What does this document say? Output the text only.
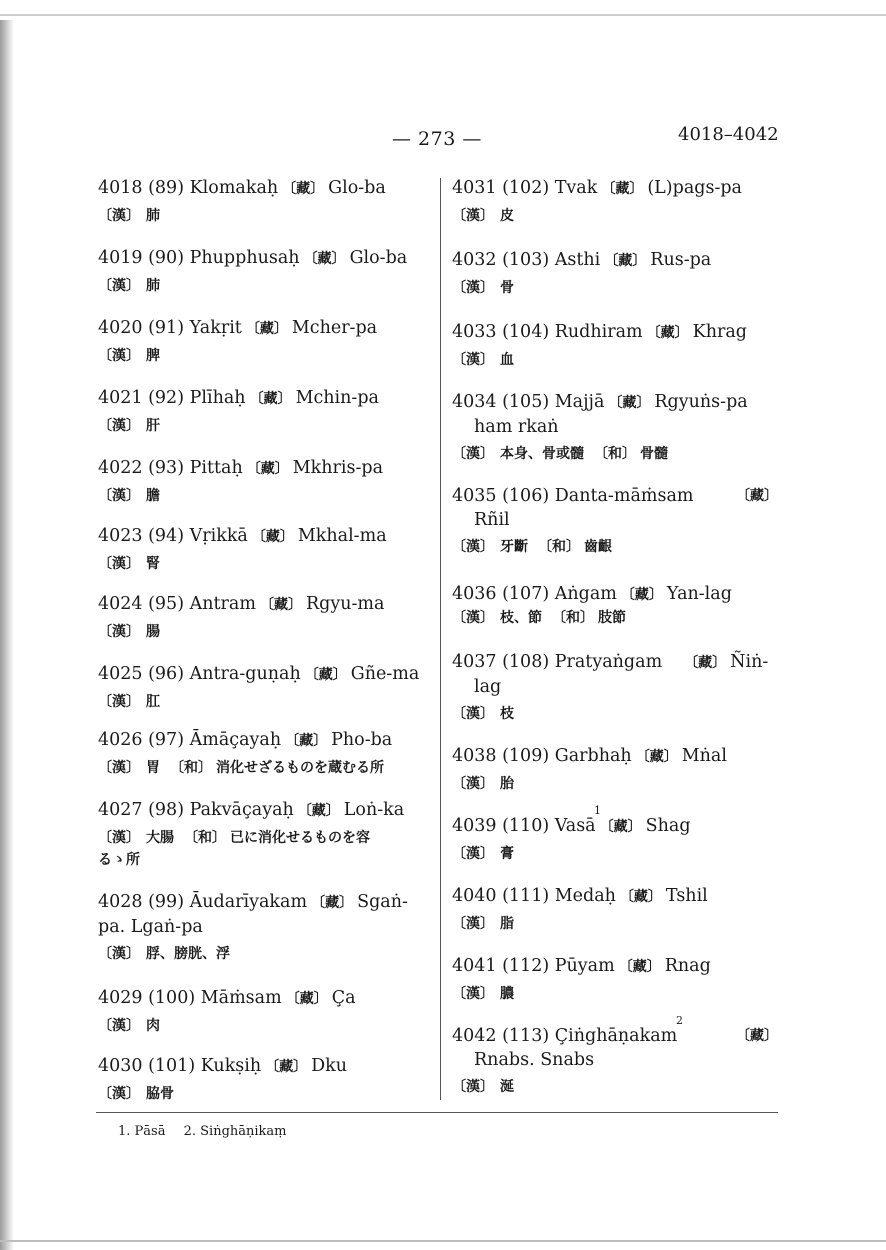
— 273 —	4018–4042
4018 (89) Klomakaḥ 〔藏〕 Glo-ba
〔漢〕 肺
4019 (90) Phupphusaḥ 〔藏〕 Glo-ba
〔漢〕 肺
4020 (91) Yakṛit 〔藏〕 Mcher-pa
〔漢〕 脾
4021 (92) Plīhaḥ 〔藏〕 Mchin-pa
〔漢〕 肝
4022 (93) Pittaḥ 〔藏〕 Mkhris-pa
〔漢〕 膽
4023 (94) Vṛikkā 〔藏〕 Mkhal-ma
〔漢〕 腎
4024 (95) Antram 〔藏〕 Rgyu-ma
〔漢〕 腸
4025 (96) Antra-guṇaḥ 〔藏〕 Gñe-ma
〔漢〕 肛
4026 (97) Āmāçayaḥ 〔藏〕 Pho-ba
〔漢〕 胃 〔和〕 消化せざるものを蔵むる所
4027 (98) Pakvāçayaḥ 〔藏〕 Loṅ-ka
〔漢〕 大腸 〔和〕 已に消化せるものを容
るゝ所
4028 (99) Āudarīyakam 〔藏〕 Sgaṅ-
pa. Lgaṅ-pa
〔漢〕 脬、膀胱、浮
4029 (100) Māṁsam 〔藏〕 Ça
〔漢〕 肉
4030 (101) Kukṣiḥ 〔藏〕 Dku
〔漢〕 脇骨
4031 (102) Tvak 〔藏〕 (L)pags-pa
〔漢〕 皮
4032 (103) Asthi 〔藏〕 Rus-pa
〔漢〕 骨
4033 (104) Rudhiram 〔藏〕 Khrag
〔漢〕 血
4034 (105) Majjā 〔藏〕 Rgyuṅs-pa
ham rkaṅ
〔漢〕 本身、骨或髓 〔和〕 骨髓
4035 (106) Danta-māṁsam	〔藏〕
Rñil
〔漢〕 牙斷 〔和〕 齒齦
4036 (107) Aṅgam 〔藏〕 Yan-lag
〔漢〕 枝、節 〔和〕 肢節
4037 (108) Pratyaṅgam 〔藏〕 Ñiṅ-
lag
〔漢〕 枝
4038 (109) Garbhaḥ 〔藏〕 Mṅal
〔漢〕 胎
1
4039 (110) Vasā 〔藏〕 Shag
〔漢〕 膏
4040 (111) Medaḥ 〔藏〕 Tshil
〔漢〕 脂
4041 (112) Pūyam 〔藏〕 Rnag
〔漢〕 膿
2
4042 (113) Çiṅghāṇakam	〔藏〕
Rnabs. Snabs
〔漢〕 涎
1. Pāsā 2. Siṅghāṇikaṃ
